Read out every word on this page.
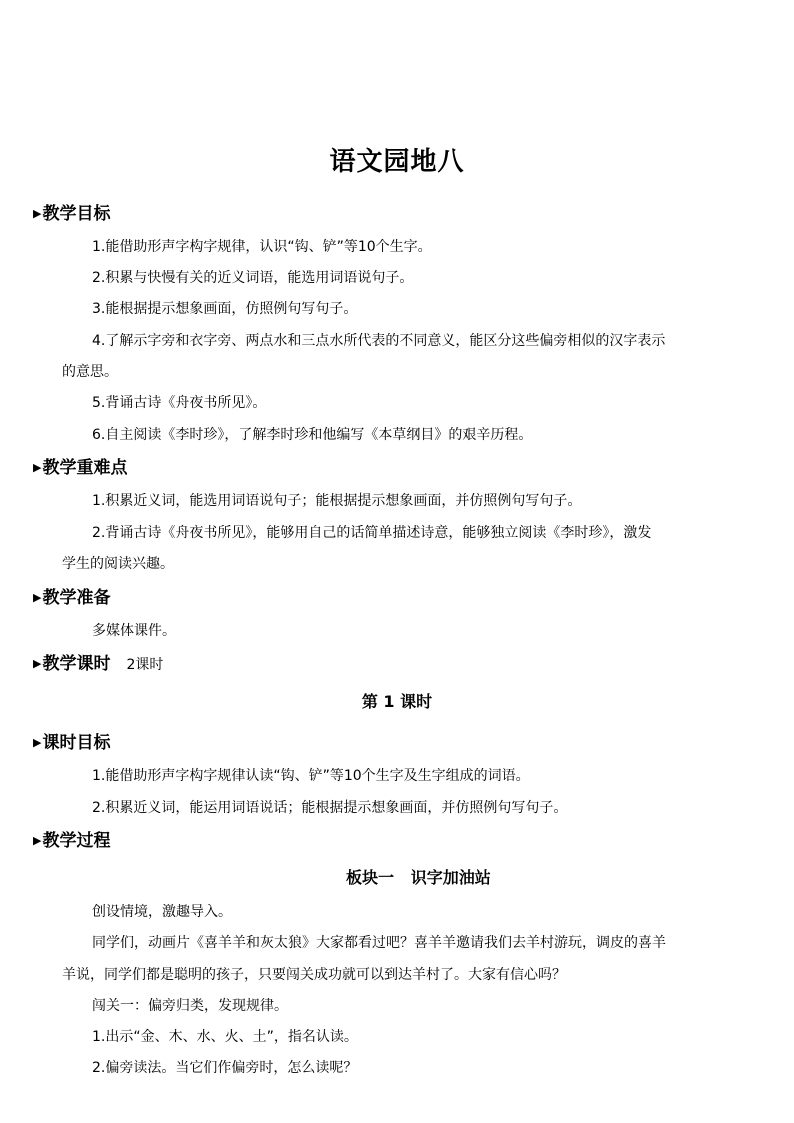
语文园地八
▶教学目标
1.能借助形声字构字规律，认识“钩、铲”等10个生字。
2.积累与快慢有关的近义词语，能选用词语说句子。
3.能根据提示想象画面，仿照例句写句子。
4.了解示字旁和衣字旁、两点水和三点水所代表的不同意义，能区分这些偏旁相似的汉字表示
的意思。
5.背诵古诗《舟夜书所见》。
6.自主阅读《李时珍》，了解李时珍和他编写《本草纲目》的艰辛历程。
▶教学重难点
1.积累近义词，能选用词语说句子；能根据提示想象画面，并仿照例句写句子。
2.背诵古诗《舟夜书所见》，能够用自己的话简单描述诗意，能够独立阅读《李时珍》，激发
学生的阅读兴趣。
▶教学准备
多媒体课件。
▶教学课时 2课时
第 1 课时
▶课时目标
1.能借助形声字构字规律认读“钩、铲”等10个生字及生字组成的词语。
2.积累近义词，能运用词语说话；能根据提示想象画面，并仿照例句写句子。
▶教学过程
板块一   识字加油站
创设情境，激趣导入。
同学们，动画片《喜羊羊和灰太狼》大家都看过吧？喜羊羊邀请我们去羊村游玩，调皮的喜羊
羊说，同学们都是聪明的孩子，只要闯关成功就可以到达羊村了。大家有信心吗？
闯关一：偏旁归类，发现规律。
1.出示“金、木、水、火、土”，指名认读。
2.偏旁读法。当它们作偏旁时，怎么读呢？
